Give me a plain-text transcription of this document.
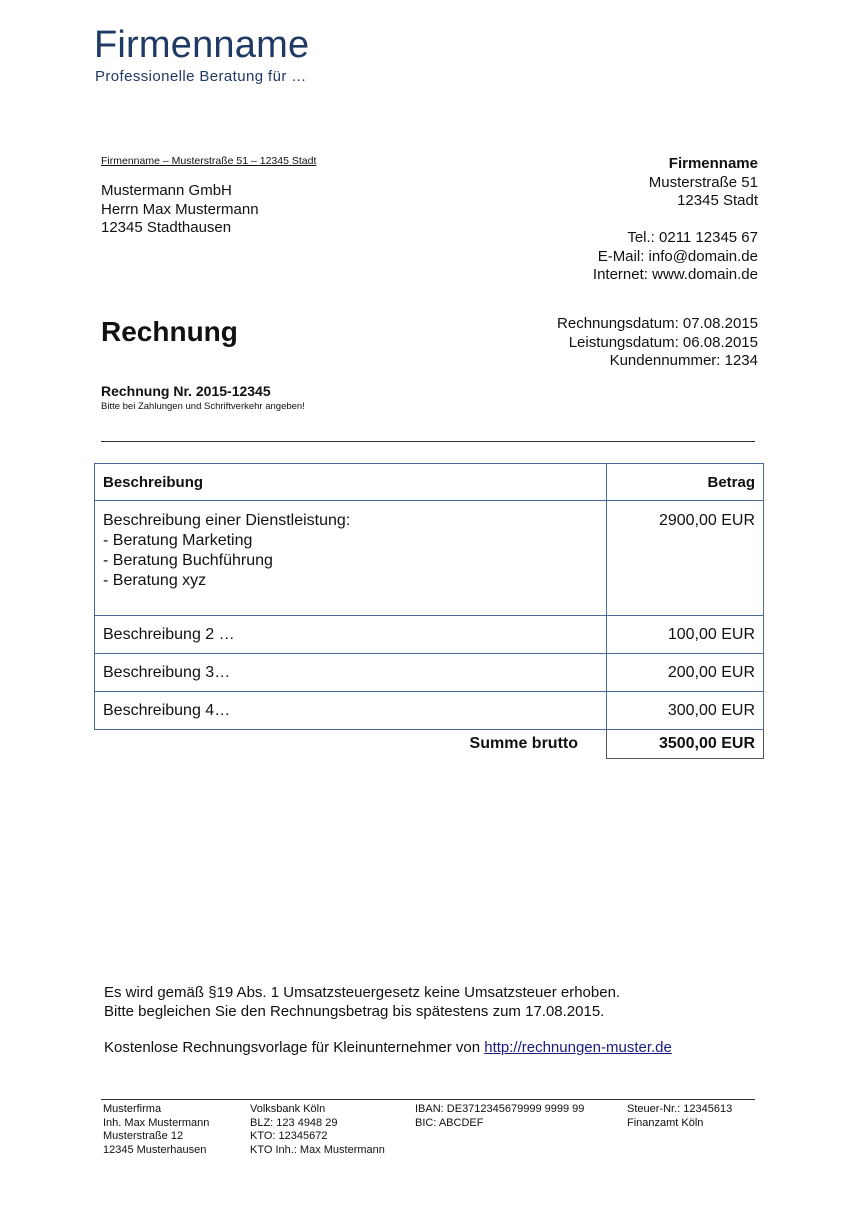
Firmenname
Professionelle Beratung für …
Firmenname – Musterstraße 51 – 12345 Stadt
Mustermann GmbH
Herrn Max Mustermann
12345 Stadthausen
Firmenname
Musterstraße 51
12345 Stadt
Tel.: 0211 12345 67
E-Mail: info@domain.de
Internet: www.domain.de
Rechnung	Rechnungsdatum: 07.08.2015
Leistungsdatum: 06.08.2015
Kundennummer: 1234
Rechnung Nr. 2015-12345
Bitte bei Zahlungen und Schriftverkehr angeben!
Beschreibung	Betrag

Beschreibung einer Dienstleistung:
- Beratung Marketing
- Beratung Buchführung
- Beratung xyz	2900,00 EUR
Beschreibung 2 …	100,00 EUR
Beschreibung 3…	200,00 EUR
Beschreibung 4…	300,00 EUR
Summe brutto	3500,00 EUR
Es wird gemäß §19 Abs. 1 Umsatzsteuergesetz keine Umsatzsteuer erhoben.
Bitte begleichen Sie den Rechnungsbetrag bis spätestens zum 17.08.2015.
Kostenlose Rechnungsvorlage für Kleinunternehmer von http://rechnungen-muster.de
Musterfirma
Inh. Max Mustermann
Musterstraße 12
12345 Musterhausen
Volksbank Köln
BLZ: 123 4948 29
KTO: 12345672
KTO Inh.: Max Mustermann
IBAN: DE3712345679999 9999 99
BIC: ABCDEF
Steuer-Nr.: 12345613
Finanzamt Köln
